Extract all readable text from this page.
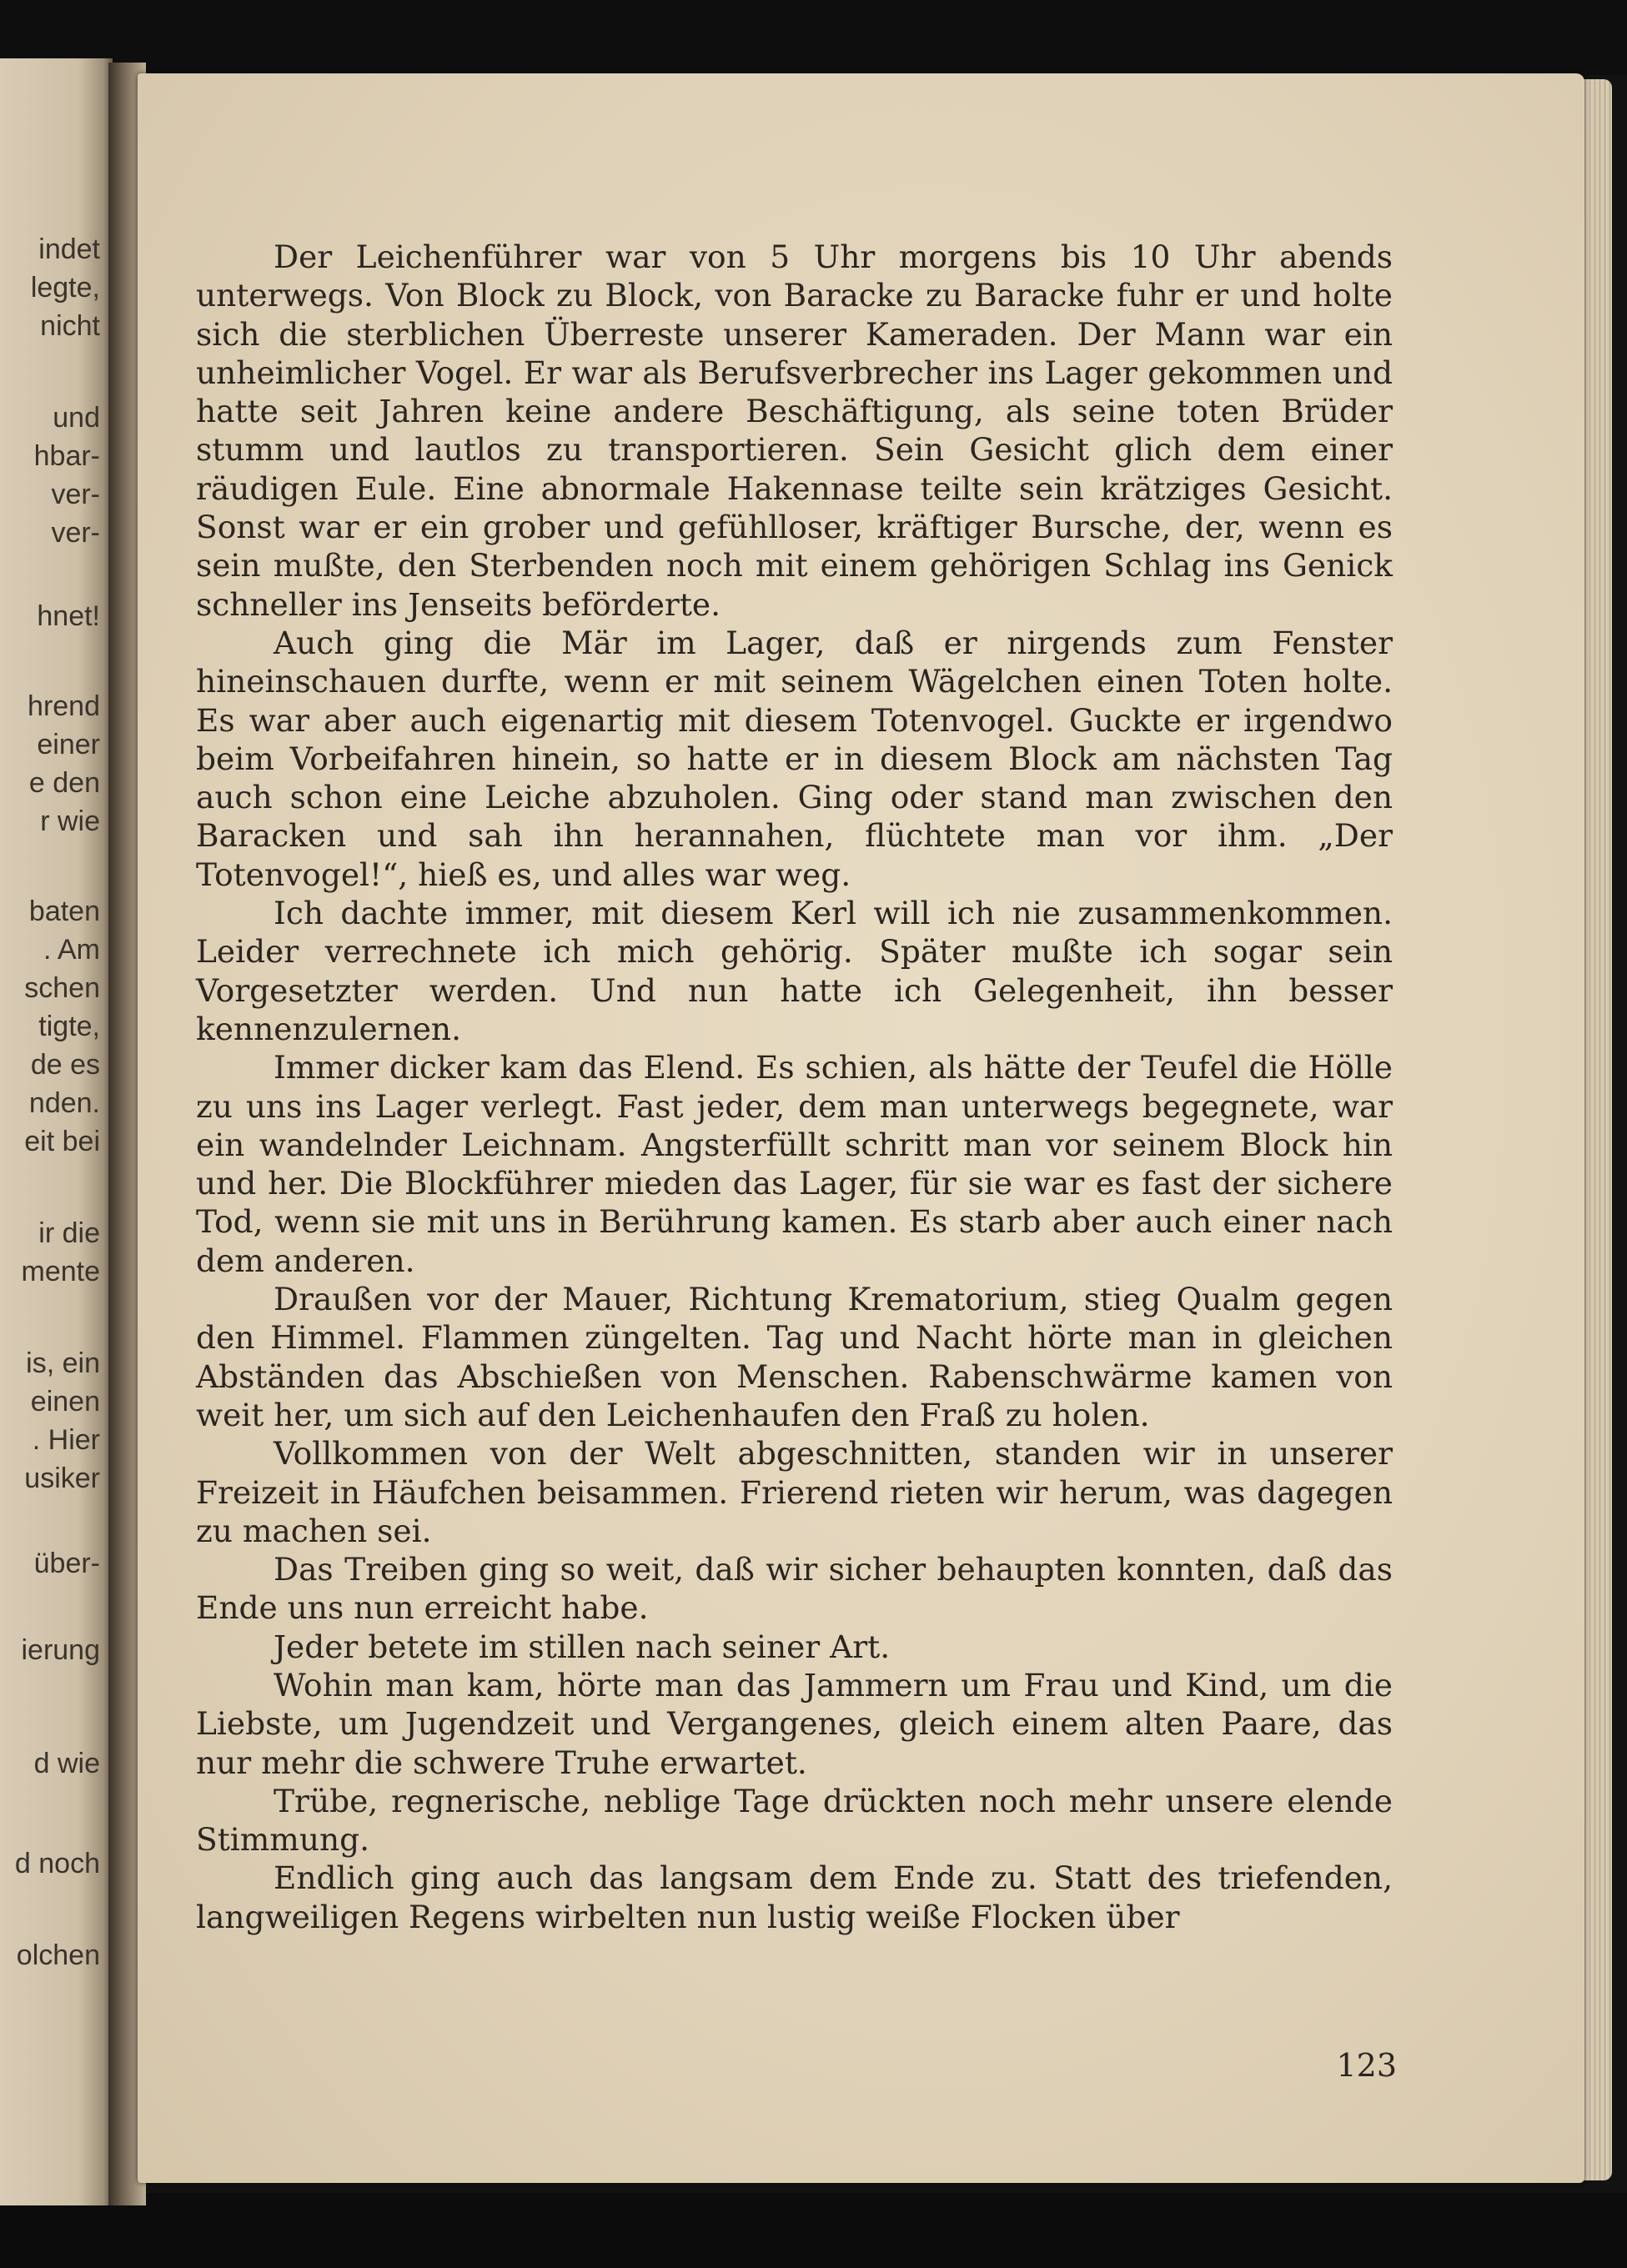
indet
legte,
nicht
und
hbar-
ver-
ver-
hnet!
hrend
einer
e den
r wie
baten
. Am
schen
tigte,
de es
nden.
eit bei
ir die
mente
is, ein
einen
. Hier
usiker
über-
ierung
d wie
d noch
olchen

Der Leichenführer war von 5 Uhr morgens bis 10 Uhr abends unterwegs. Von Block zu Block, von Baracke zu Baracke fuhr er und holte sich die sterblichen Überreste unserer Kameraden. Der Mann war ein unheimlicher Vogel. Er war als Berufsverbrecher ins Lager gekommen und hatte seit Jahren keine andere Beschäftigung, als seine toten Brüder stumm und lautlos zu transportieren. Sein Gesicht glich dem einer räudigen Eule. Eine abnormale Hakennase teilte sein krätziges Gesicht. Sonst war er ein grober und gefühlloser, kräftiger Bursche, der, wenn es sein mußte, den Sterbenden noch mit einem gehörigen Schlag ins Genick schneller ins Jenseits beförderte.

Auch ging die Mär im Lager, daß er nirgends zum Fenster hineinschauen durfte, wenn er mit seinem Wägelchen einen Toten holte. Es war aber auch eigenartig mit diesem Totenvogel. Guckte er irgendwo beim Vorbeifahren hinein, so hatte er in diesem Block am nächsten Tag auch schon eine Leiche abzuholen. Ging oder stand man zwischen den Baracken und sah ihn herannahen, flüchtete man vor ihm. „Der Totenvogel!“, hieß es, und alles war weg.

Ich dachte immer, mit diesem Kerl will ich nie zusammenkommen. Leider verrechnete ich mich gehörig. Später mußte ich sogar sein Vorgesetzter werden. Und nun hatte ich Gelegenheit, ihn besser kennenzulernen.

Immer dicker kam das Elend. Es schien, als hätte der Teufel die Hölle zu uns ins Lager verlegt. Fast jeder, dem man unterwegs begegnete, war ein wandelnder Leichnam. Angsterfüllt schritt man vor seinem Block hin und her. Die Blockführer mieden das Lager, für sie war es fast der sichere Tod, wenn sie mit uns in Berührung kamen. Es starb aber auch einer nach dem anderen.

Draußen vor der Mauer, Richtung Krematorium, stieg Qualm gegen den Himmel. Flammen züngelten. Tag und Nacht hörte man in gleichen Abständen das Abschießen von Menschen. Rabenschwärme kamen von weit her, um sich auf den Leichenhaufen den Fraß zu holen.

Vollkommen von der Welt abgeschnitten, standen wir in unserer Freizeit in Häufchen beisammen. Frierend rieten wir herum, was dagegen zu machen sei.

Das Treiben ging so weit, daß wir sicher behaupten konnten, daß das Ende uns nun erreicht habe.

Jeder betete im stillen nach seiner Art.

Wohin man kam, hörte man das Jammern um Frau und Kind, um die Liebste, um Jugendzeit und Vergangenes, gleich einem alten Paare, das nur mehr die schwere Truhe erwartet.

Trübe, regnerische, neblige Tage drückten noch mehr unsere elende Stimmung.

Endlich ging auch das langsam dem Ende zu. Statt des triefenden, langweiligen Regens wirbelten nun lustig weiße Flocken über

123
